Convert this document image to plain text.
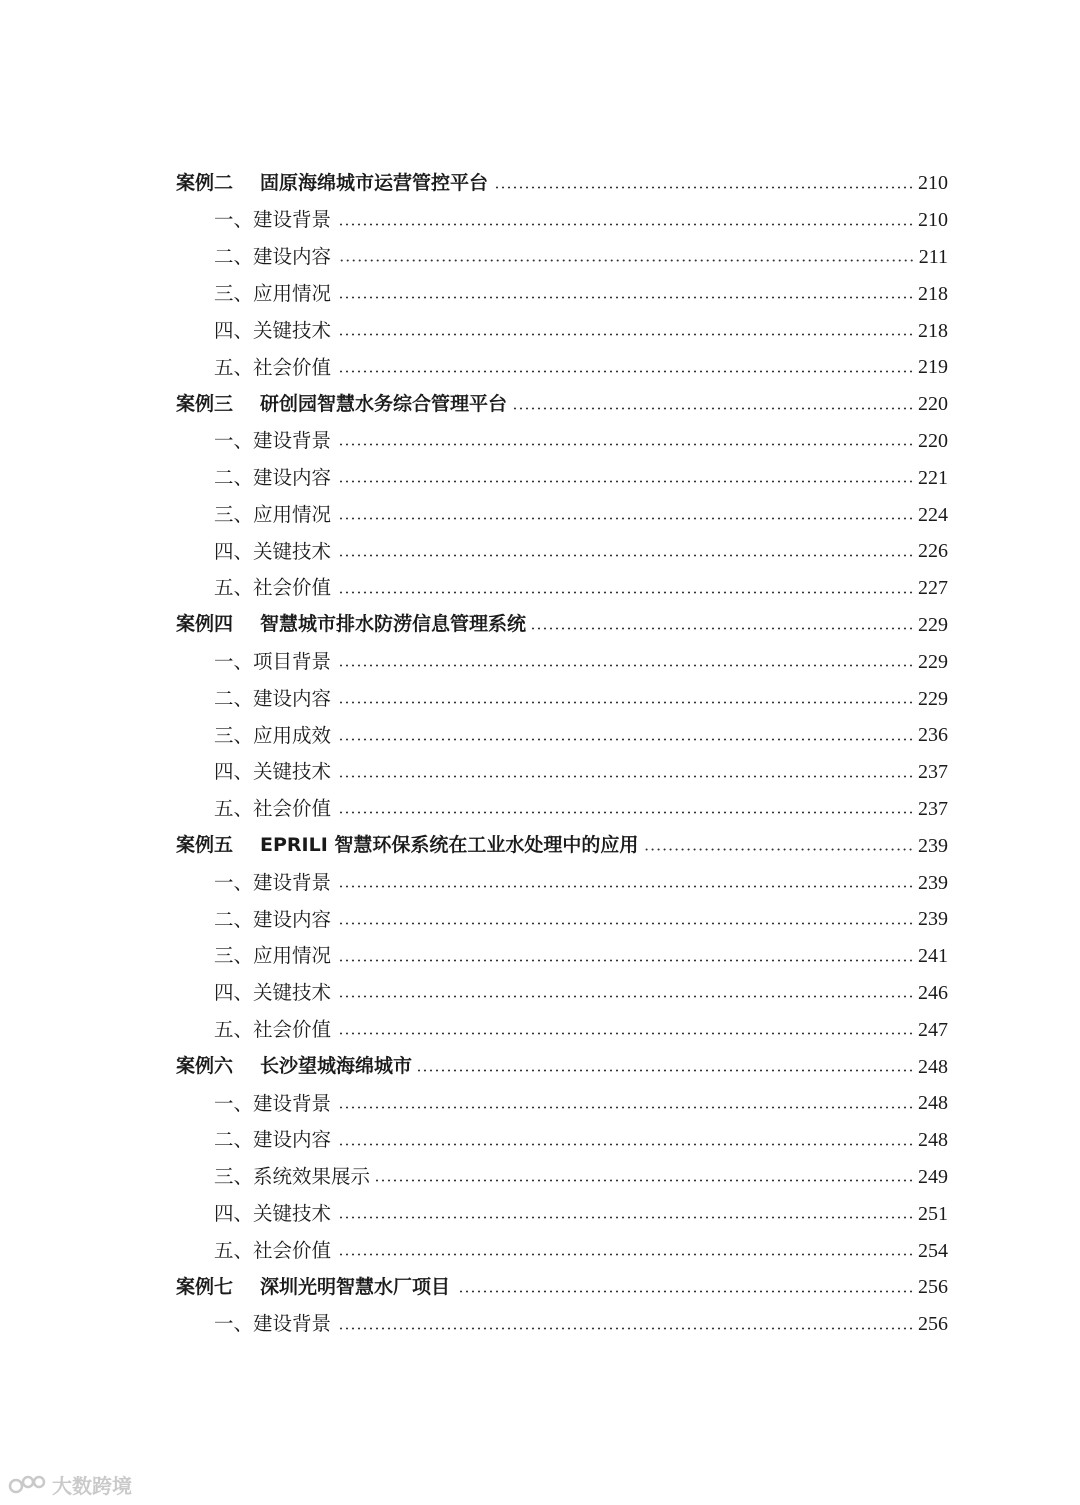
案例二 固原海绵城市运营管控平台	210
一、建设背景	210
二、建设内容	211
三、应用情况	218
四、关键技术	218
五、社会价值	219
案例三 研创园智慧水务综合管理平台	220
一、建设背景	220
二、建设内容	221
三、应用情况	224
四、关键技术	226
五、社会价值	227
案例四 智慧城市排水防涝信息管理系统	229
一、项目背景	229
二、建设内容	229
三、应用成效	236
四、关键技术	237
五、社会价值	237
案例五 EPRILI 智慧环保系统在工业水处理中的应用	239
一、建设背景	239
二、建设内容	239
三、应用情况	241
四、关键技术	246
五、社会价值	247
案例六 长沙望城海绵城市	248
一、建设背景	248
二、建设内容	248
三、系统效果展示	249
四、关键技术	251
五、社会价值	254
案例七 深圳光明智慧水厂项目	256
一、建设背景	256
大数跨境
